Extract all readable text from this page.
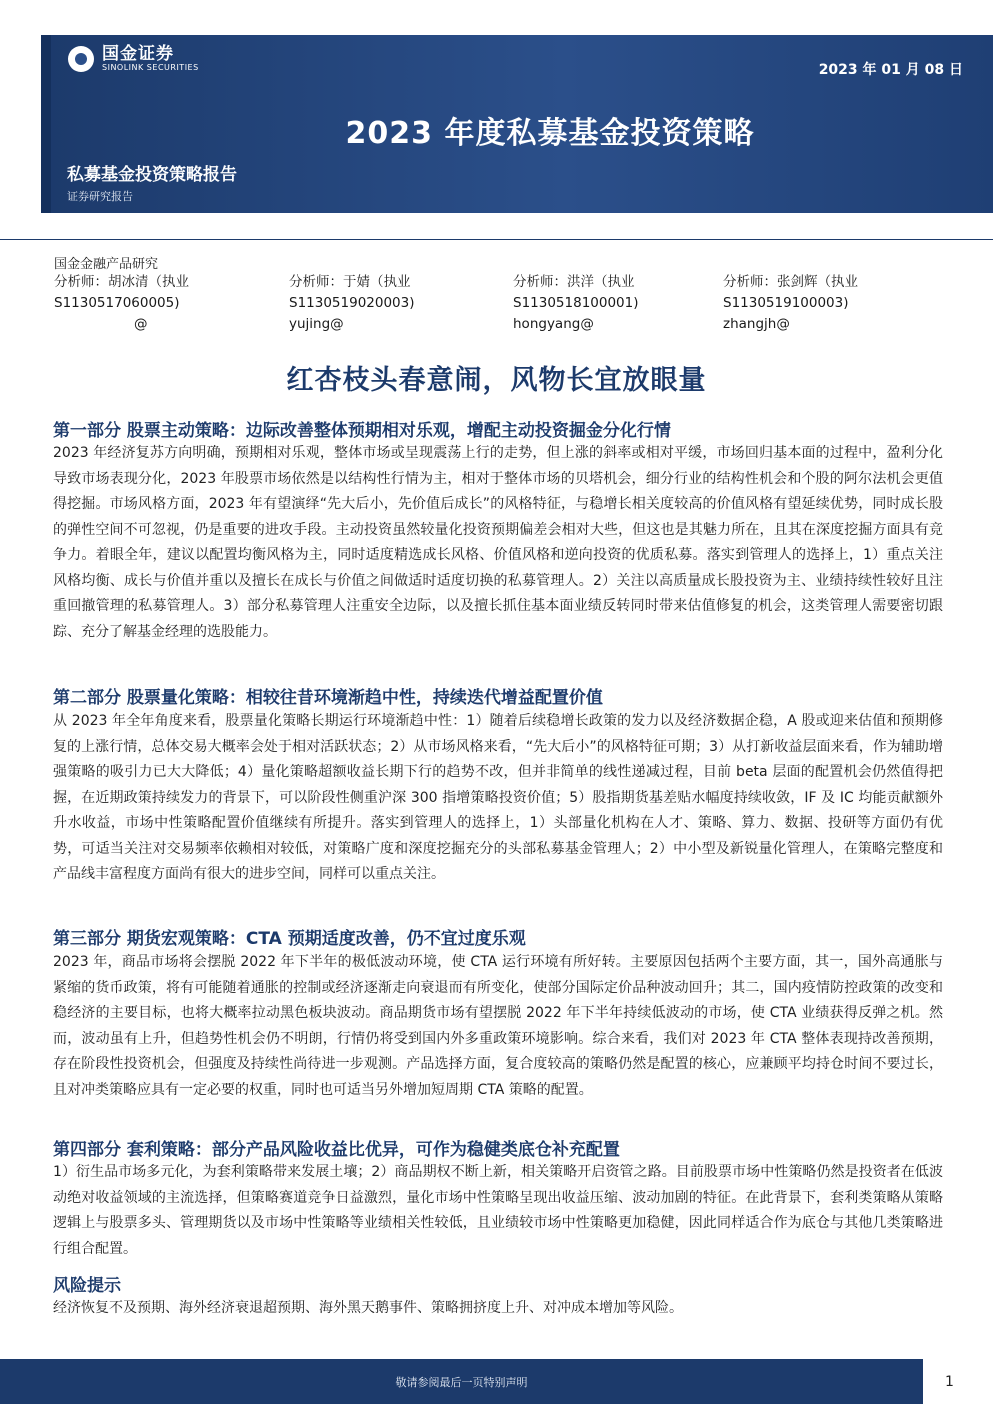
国金证券
SINOLINK SECURITIES	2023 年 01 月 08 日
2023 年度私募基金投资策略
私募基金投资策略报告
证券研究报告
国金金融产品研究
分析师：胡冰清（执业
S1130517060005)
@
分析师：于婧（执业
S1130519020003)
yujing@
分析师：洪洋（执业
S1130518100001)
hongyang@
分析师：张剑辉（执业
S1130519100003)
zhangjh@
红杏枝头春意闹，风物长宜放眼量
第一部分 股票主动策略：边际改善整体预期相对乐观，增配主动投资掘金分化行情
2023 年经济复苏方向明确，预期相对乐观，整体市场或呈现震荡上行的走势，但上涨的斜率或相对平缓，市场回归基本面的过程中，盈利分化导致市场表现分化，2023 年股票市场依然是以结构性行情为主，相对于整体市场的贝塔机会，细分行业的结构性机会和个股的阿尔法机会更值得挖掘。市场风格方面，2023 年有望演绎“先大后小，先价值后成长”的风格特征，与稳增长相关度较高的价值风格有望延续优势，同时成长股的弹性空间不可忽视，仍是重要的进攻手段。主动投资虽然较量化投资预期偏差会相对大些，但这也是其魅力所在，且其在深度挖掘方面具有竞争力。着眼全年，建议以配置均衡风格为主，同时适度精选成长风格、价值风格和逆向投资的优质私募。落实到管理人的选择上，1）重点关注风格均衡、成长与价值并重以及擅长在成长与价值之间做适时适度切换的私募管理人。2）关注以高质量成长股投资为主、业绩持续性较好且注重回撤管理的私募管理人。3）部分私募管理人注重安全边际，以及擅长抓住基本面业绩反转同时带来估值修复的机会，这类管理人需要密切跟踪、充分了解基金经理的选股能力。
第二部分 股票量化策略：相较往昔环境渐趋中性，持续迭代增益配置价值
从 2023 年全年角度来看，股票量化策略长期运行环境渐趋中性：1）随着后续稳增长政策的发力以及经济数据企稳，A 股或迎来估值和预期修复的上涨行情，总体交易大概率会处于相对活跃状态；2）从市场风格来看，“先大后小”的风格特征可期；3）从打新收益层面来看，作为辅助增强策略的吸引力已大大降低；4）量化策略超额收益长期下行的趋势不改，但并非简单的线性递减过程，目前 beta 层面的配置机会仍然值得把握，在近期政策持续发力的背景下，可以阶段性侧重沪深 300 指增策略投资价值；5）股指期货基差贴水幅度持续收敛，IF 及 IC 均能贡献额外升水收益，市场中性策略配置价值继续有所提升。落实到管理人的选择上，1）头部量化机构在人才、策略、算力、数据、投研等方面仍有优势，可适当关注对交易频率依赖相对较低，对策略广度和深度挖掘充分的头部私募基金管理人；2）中小型及新锐量化管理人，在策略完整度和产品线丰富程度方面尚有很大的进步空间，同样可以重点关注。
第三部分 期货宏观策略：CTA 预期适度改善，仍不宜过度乐观
2023 年，商品市场将会摆脱 2022 年下半年的极低波动环境，使 CTA 运行环境有所好转。主要原因包括两个主要方面，其一，国外高通胀与紧缩的货币政策，将有可能随着通胀的控制或经济逐渐走向衰退而有所变化，使部分国际定价品种波动回升；其二，国内疫情防控政策的改变和稳经济的主要目标，也将大概率拉动黑色板块波动。商品期货市场有望摆脱 2022 年下半年持续低波动的市场，使 CTA 业绩获得反弹之机。然而，波动虽有上升，但趋势性机会仍不明朗，行情仍将受到国内外多重政策环境影响。综合来看，我们对 2023 年 CTA 整体表现持改善预期，存在阶段性投资机会，但强度及持续性尚待进一步观测。产品选择方面，复合度较高的策略仍然是配置的核心，应兼顾平均持仓时间不要过长，且对冲类策略应具有一定必要的权重，同时也可适当另外增加短周期 CTA 策略的配置。
第四部分 套利策略：部分产品风险收益比优异，可作为稳健类底仓补充配置
1）衍生品市场多元化，为套利策略带来发展土壤；2）商品期权不断上新，相关策略开启资管之路。目前股票市场中性策略仍然是投资者在低波动绝对收益领域的主流选择，但策略赛道竞争日益激烈，量化市场中性策略呈现出收益压缩、波动加剧的特征。在此背景下，套利类策略从策略逻辑上与股票多头、管理期货以及市场中性策略等业绩相关性较低，且业绩较市场中性策略更加稳健，因此同样适合作为底仓与其他几类策略进行组合配置。
风险提示
经济恢复不及预期、海外经济衰退超预期、海外黑天鹅事件、策略拥挤度上升、对冲成本增加等风险。
敬请参阅最后一页特别声明	1
